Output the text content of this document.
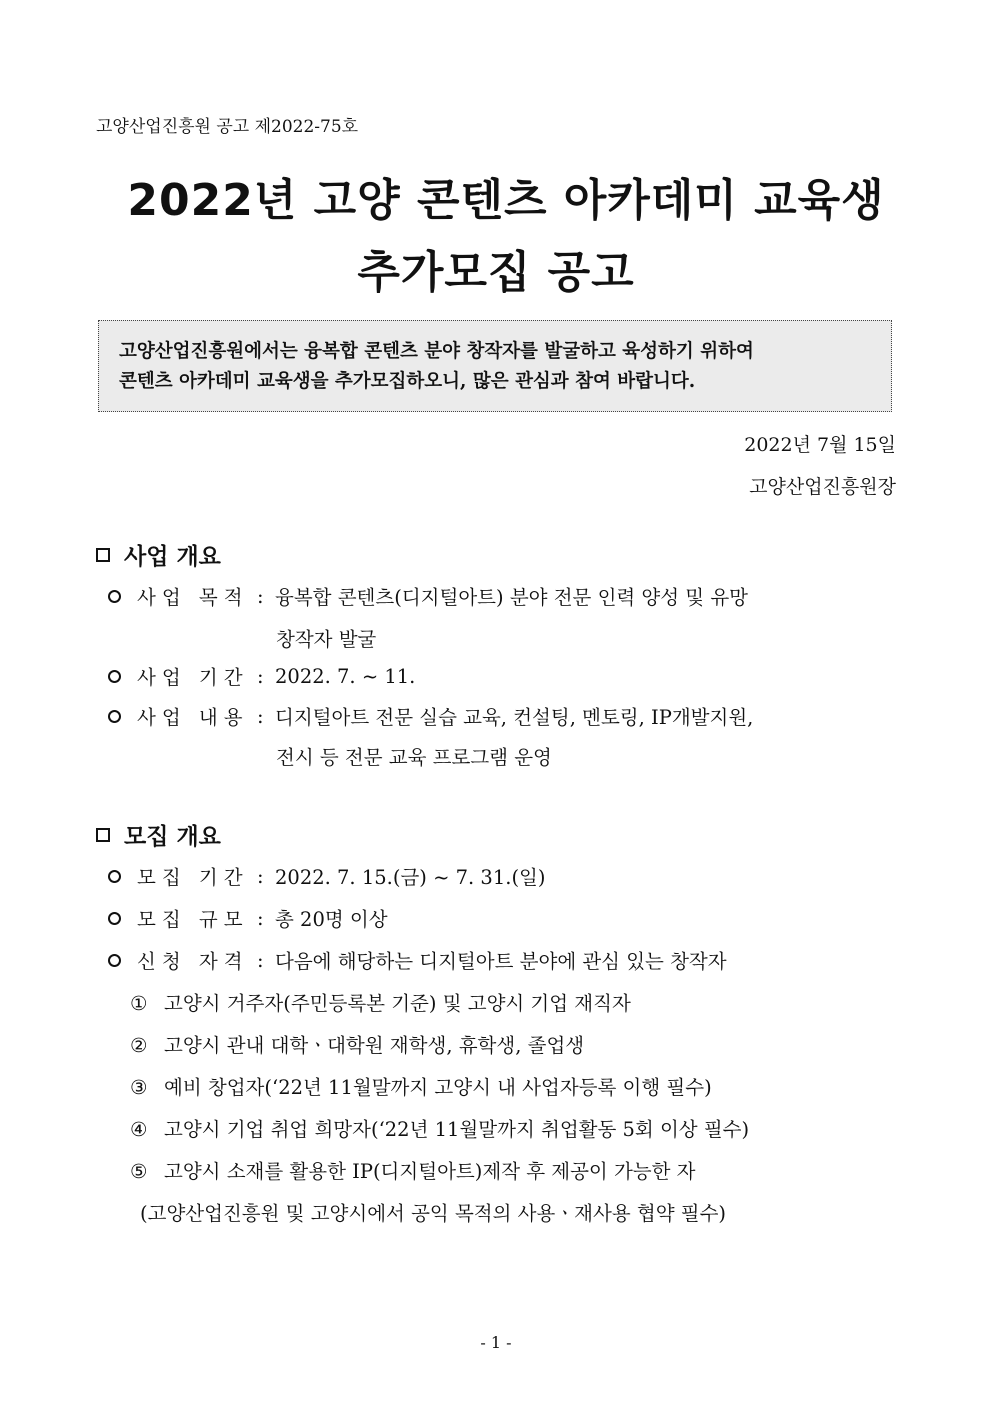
고양산업진흥원 공고 제2022-75호
2022년 고양 콘텐츠 아카데미 교육생
추가모집 공고
고양산업진흥원에서는 융복합 콘텐츠 분야 창작자를 발굴하고 육성하기 위하여
콘텐츠 아카데미 교육생을 추가모집하오니, 많은 관심과 참여 바랍니다.
2022년 7월 15일
고양산업진흥원장
사업 개요
사업 목적 : 융복합 콘텐츠(디지털아트) 분야 전문 인력 양성 및 유망
창작자 발굴
사업 기간 : 2022. 7. ~ 11.
사업 내용 : 디지털아트 전문 실습 교육, 컨설팅, 멘토링, IP개발지원,
전시 등 전문 교육 프로그램 운영
모집 개요
모집 기간 : 2022. 7. 15.(금) ~ 7. 31.(일)
모집 규모 : 총 20명 이상
신청 자격 : 다음에 해당하는 디지털아트 분야에 관심 있는 창작자
① 고양시 거주자(주민등록본 기준) 및 고양시 기업 재직자
② 고양시 관내 대학ㆍ대학원 재학생, 휴학생, 졸업생
③ 예비 창업자(‘22년 11월말까지 고양시 내 사업자등록 이행 필수)
④ 고양시 기업 취업 희망자(‘22년 11월말까지 취업활동 5회 이상 필수)
⑤ 고양시 소재를 활용한 IP(디지털아트)제작 후 제공이 가능한 자
(고양산업진흥원 및 고양시에서 공익 목적의 사용ㆍ재사용 협약 필수)
- 1 -
